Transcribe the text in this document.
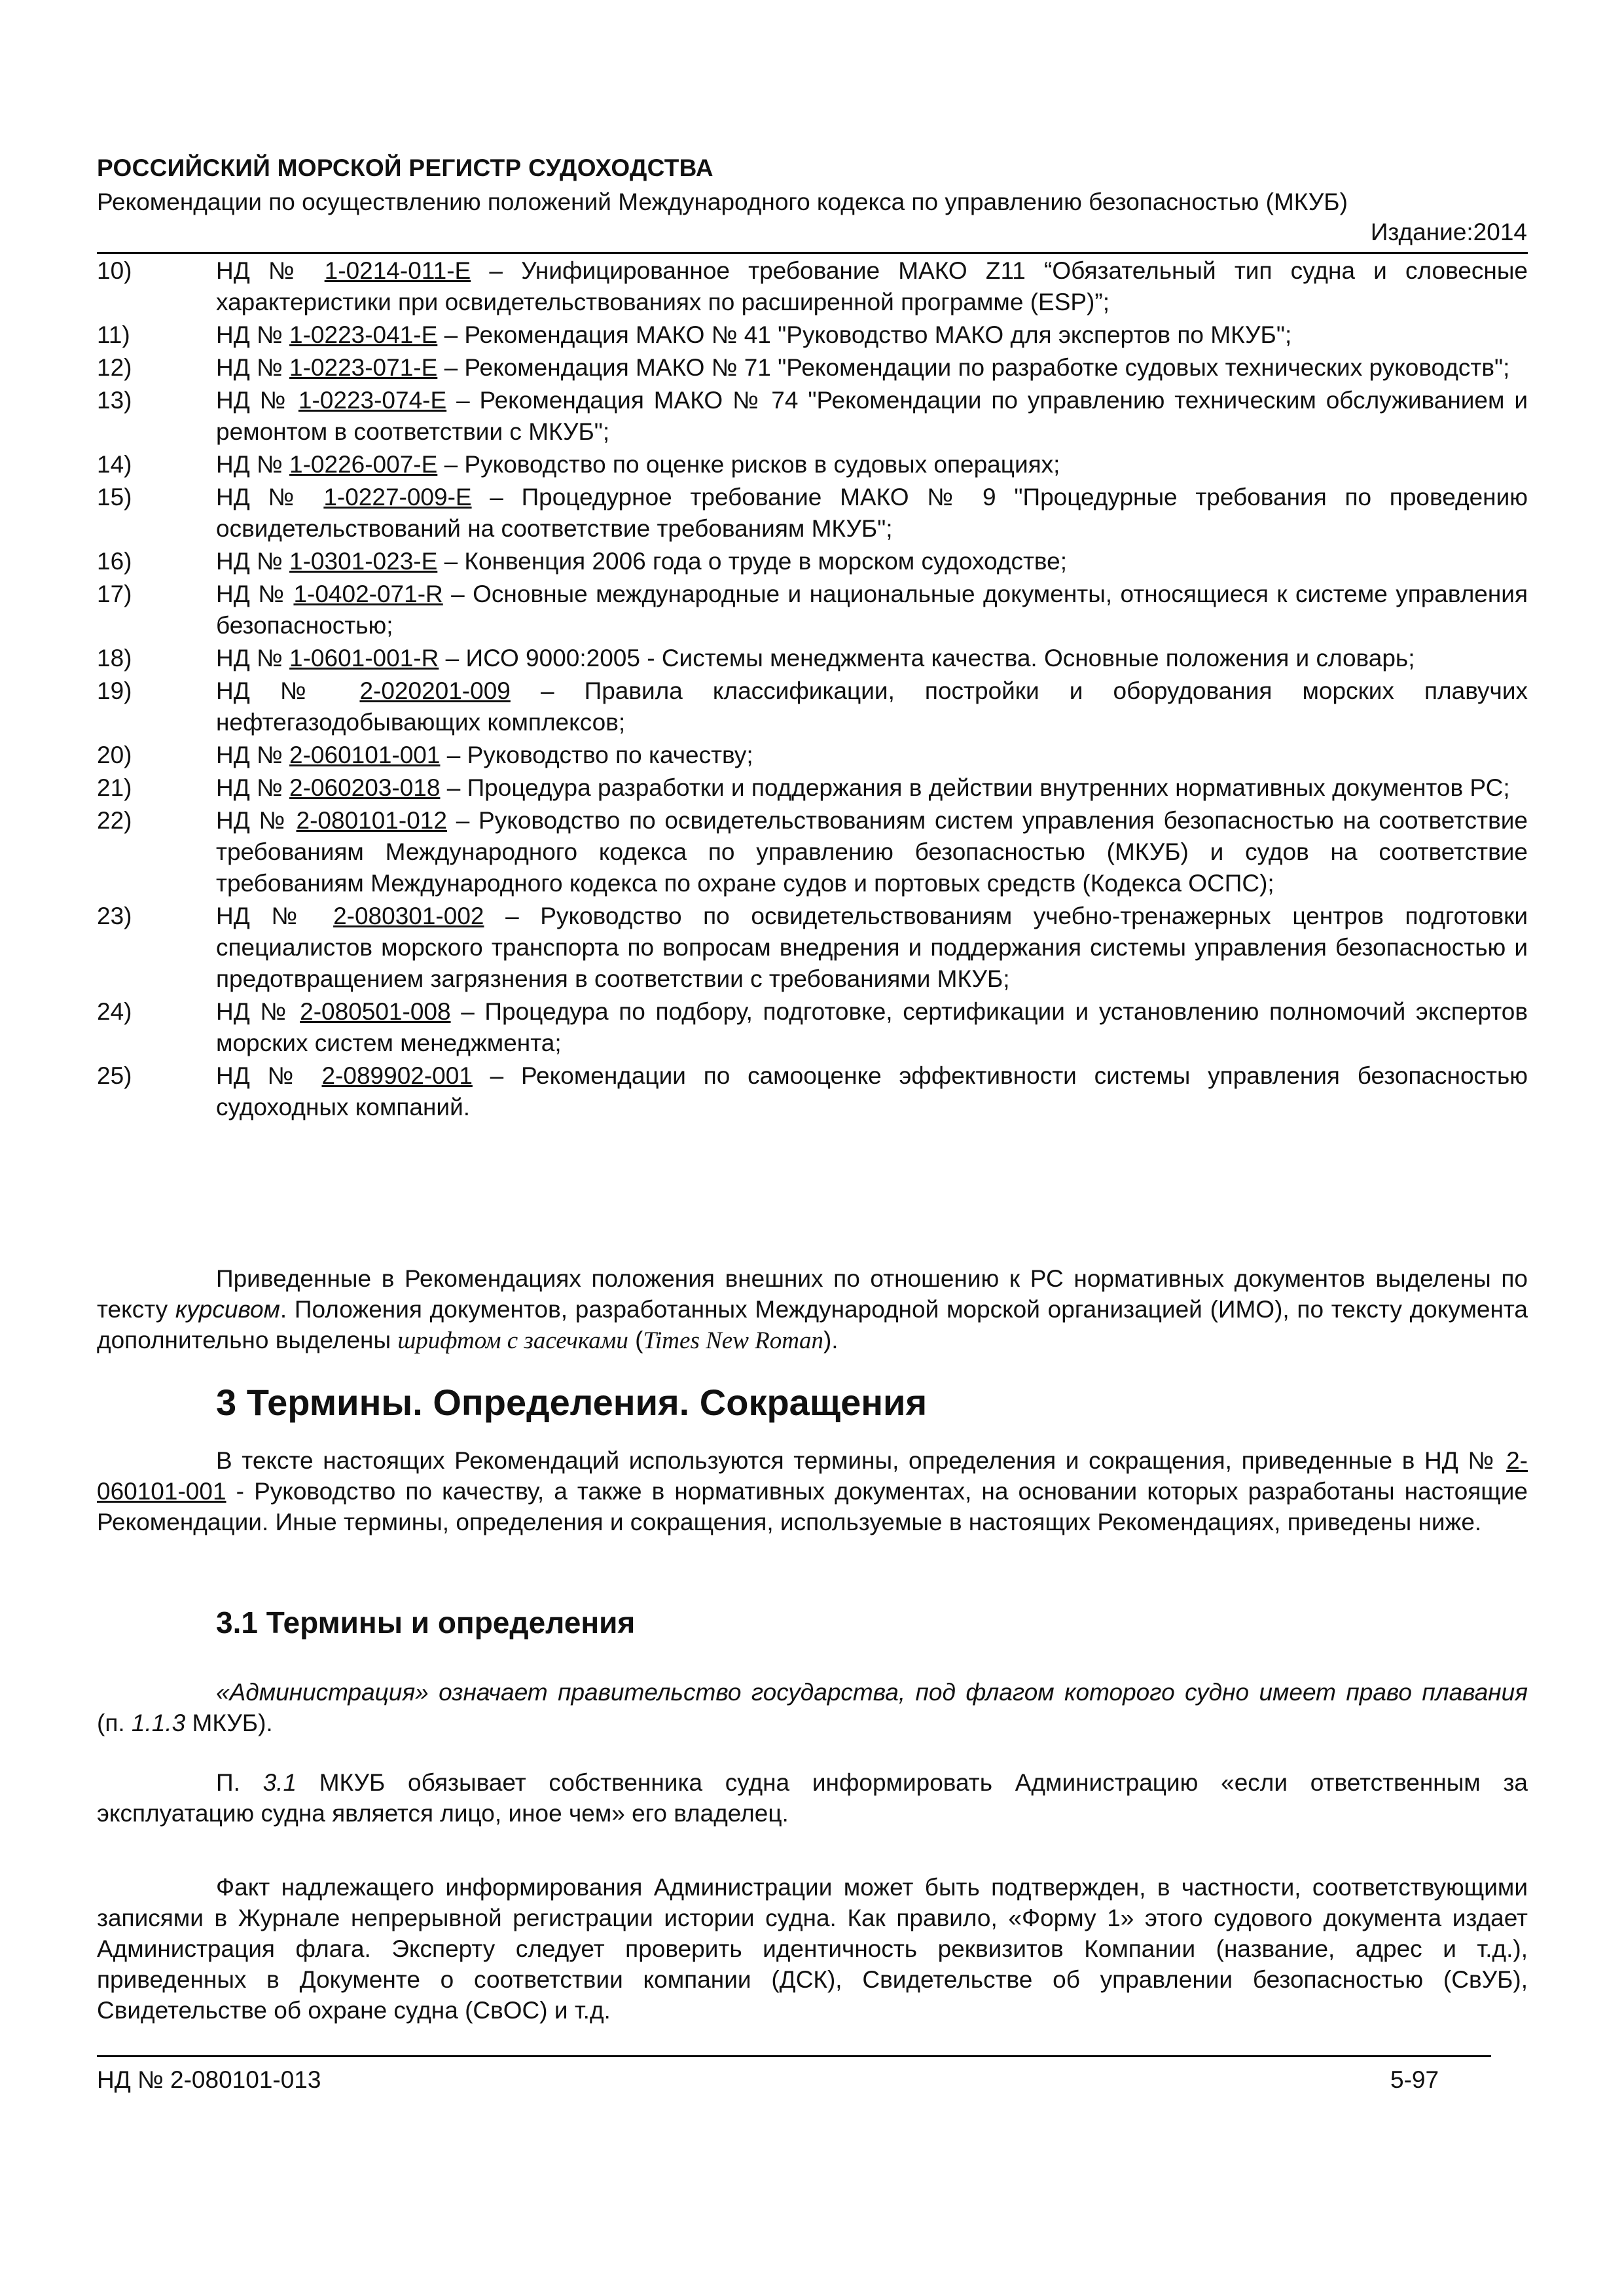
РОССИЙСКИЙ МОРСКОЙ РЕГИСТР СУДОХОДСТВА
Рекомендации по осуществлению положений Международного кодекса по управлению безопасностью (МКУБ)
Издание:2014
10)	НД № 1-0214-011-E – Унифицированное требование МАКО Z11 “Обязательный тип судна и словесные характеристики при освидетельствованиях по расширенной программе (ESP)”;
11)	НД № 1-0223-041-E – Рекомендация МАКО № 41 "Руководство МАКО для экспертов по МКУБ";
12)	НД № 1-0223-071-E – Рекомендация МАКО № 71 "Рекомендации по разработке судовых технических руководств";
13)	НД № 1-0223-074-E – Рекомендация МАКО № 74 "Рекомендации по управлению техническим обслуживанием и ремонтом в соответствии с МКУБ";
14)	НД № 1-0226-007-E – Руководство по оценке рисков в судовых операциях;
15)	НД № 1-0227-009-E – Процедурное требование МАКО № 9 "Процедурные требования по проведению освидетельствований на соответствие требованиям МКУБ";
16)	НД № 1-0301-023-E – Конвенция 2006 года о труде в морском судоходстве;
17)	НД № 1-0402-071-R – Основные международные и национальные документы, относящиеся к системе управления безопасностью;
18)	НД № 1-0601-001-R – ИСО 9000:2005 - Системы менеджмента качества. Основные положения и словарь;
19)	НД № 2-020201-009 – Правила классификации, постройки и оборудования морских плавучих нефтегазодобывающих комплексов;
20)	НД № 2-060101-001 – Руководство по качеству;
21)	НД № 2-060203-018 – Процедура разработки и поддержания в действии внутренних нормативных документов РС;
22)	НД № 2-080101-012 – Руководство по освидетельствованиям систем управления безопасностью на соответствие требованиям Международного кодекса по управлению безопасностью (МКУБ) и судов на соответствие требованиям Международного кодекса по охране судов и портовых средств (Кодекса ОСПС);
23)	НД № 2-080301-002 – Руководство по освидетельствованиям учебно-тренажерных центров подготовки специалистов морского транспорта по вопросам внедрения и поддержания системы управления безопасностью и предотвращением загрязнения в соответствии с требованиями МКУБ;
24)	НД № 2-080501-008 – Процедура по подбору, подготовке, сертификации и установлению полномочий экспертов морских систем менеджмента;
25)	НД № 2-089902-001 – Рекомендации по самооценке эффективности системы управления безопасностью судоходных компаний.
Приведенные в Рекомендациях положения внешних по отношению к РС нормативных документов выделены по тексту курсивом. Положения документов, разработанных Международной морской организацией (ИМО), по тексту документа дополнительно выделены шрифтом с засечками (Times New Roman).
3 Термины. Определения. Сокращения
В тексте настоящих Рекомендаций используются термины, определения и сокращения, приведенные в НД № 2-060101-001 - Руководство по качеству, а также в нормативных документах, на основании которых разработаны настоящие Рекомендации. Иные термины, определения и сокращения, используемые в настоящих Рекомендациях, приведены ниже.
3.1 Термины и определения
«Администрация» означает правительство государства, под флагом которого судно имеет право плавания (п. 1.1.3 МКУБ).
П. 3.1 МКУБ обязывает собственника судна информировать Администрацию «если ответственным за эксплуатацию судна является лицо, иное чем» его владелец.
Факт надлежащего информирования Администрации может быть подтвержден, в частности, соответствующими записями в Журнале непрерывной регистрации истории судна. Как правило, «Форму 1» этого судового документа издает Администрация флага. Эксперту следует проверить идентичность реквизитов Компании (название, адрес и т.д.), приведенных в Документе о соответствии компании (ДСК), Свидетельстве об управлении безопасностью (СвУБ), Свидетельстве об охране судна (СвОС) и т.д.
НД № 2-080101-013	5-97
